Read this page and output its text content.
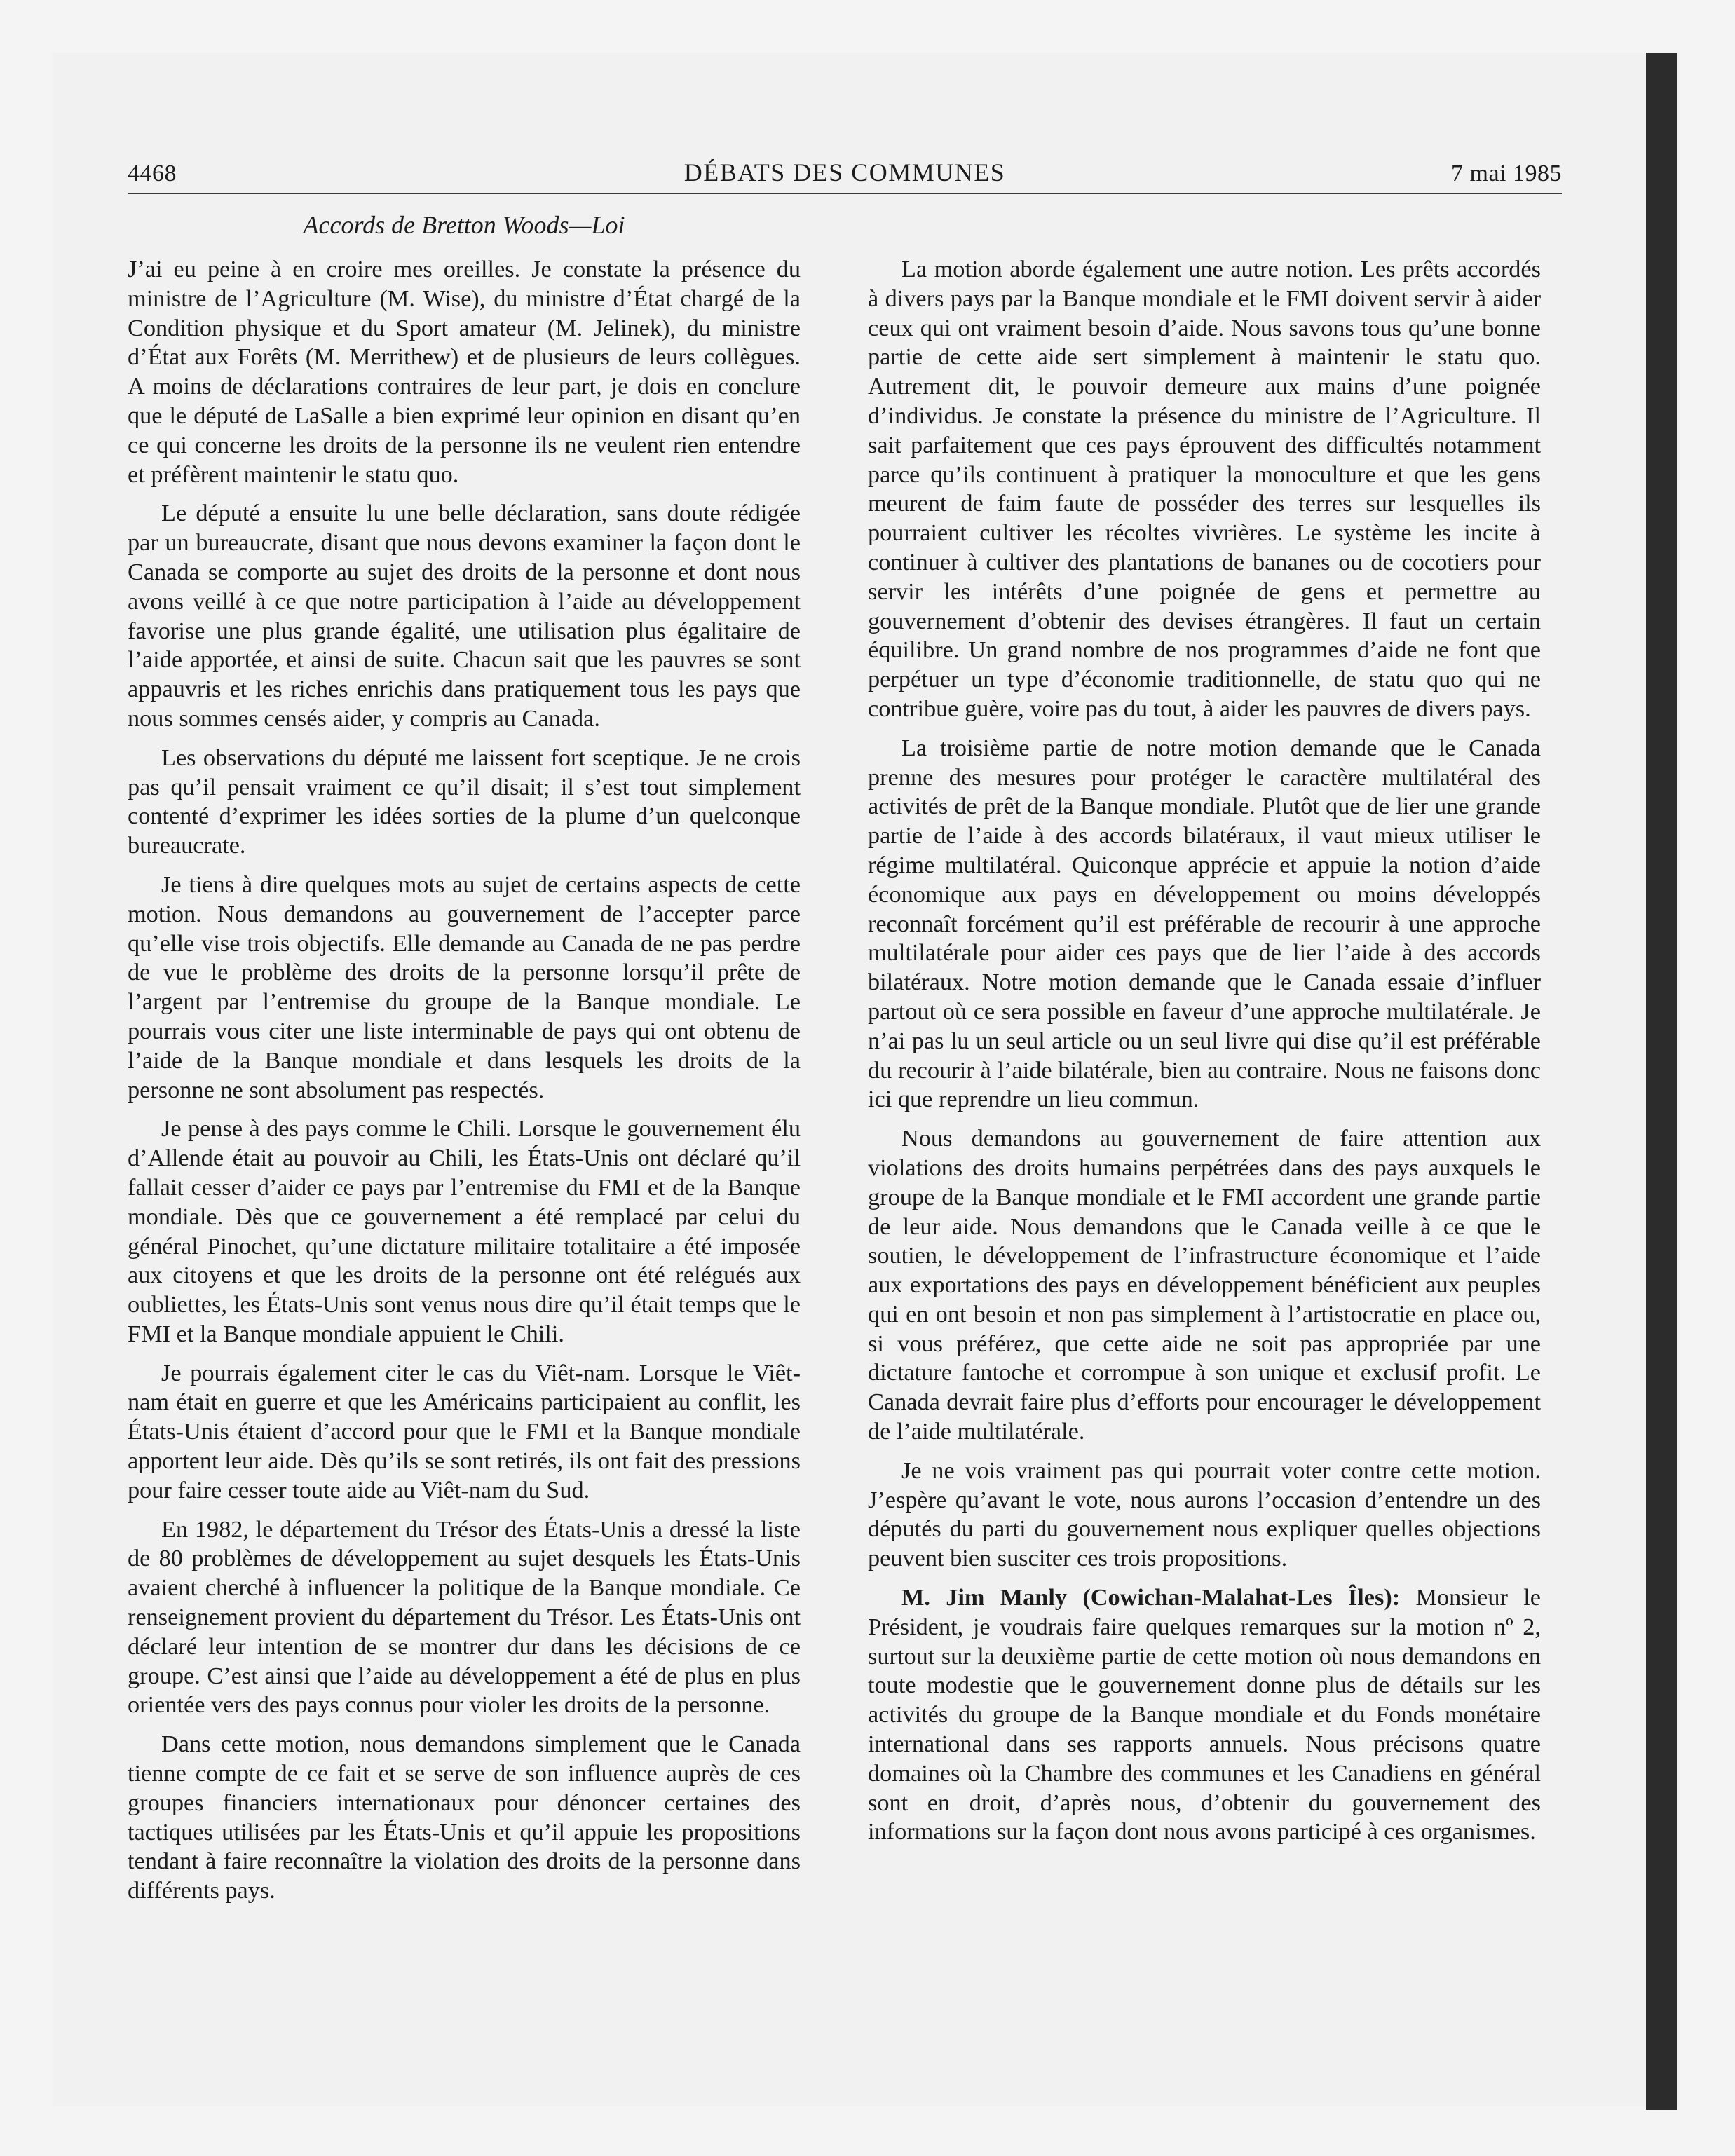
4468	DÉBATS DES COMMUNES	7 mai 1985
Accords de Bretton Woods—Loi

J’ai eu peine à en croire mes oreilles. Je constate la présence du ministre de l’Agriculture (M. Wise), du ministre d’État chargé de la Condition physique et du Sport amateur (M. Jelinek), du ministre d’État aux Forêts (M. Merrithew) et de plusieurs de leurs collègues. A moins de déclarations contraires de leur part, je dois en conclure que le député de LaSalle a bien exprimé leur opinion en disant qu’en ce qui concerne les droits de la personne ils ne veulent rien entendre et préfèrent maintenir le statu quo.

Le député a ensuite lu une belle déclaration, sans doute rédigée par un bureaucrate, disant que nous devons examiner la façon dont le Canada se comporte au sujet des droits de la personne et dont nous avons veillé à ce que notre participation à l’aide au développement favorise une plus grande égalité, une utilisation plus égalitaire de l’aide apportée, et ainsi de suite. Chacun sait que les pauvres se sont appauvris et les riches enrichis dans pratiquement tous les pays que nous sommes censés aider, y compris au Canada.

Les observations du député me laissent fort sceptique. Je ne crois pas qu’il pensait vraiment ce qu’il disait; il s’est tout simplement contenté d’exprimer les idées sorties de la plume d’un quelconque bureaucrate.

Je tiens à dire quelques mots au sujet de certains aspects de cette motion. Nous demandons au gouvernement de l’accepter parce qu’elle vise trois objectifs. Elle demande au Canada de ne pas perdre de vue le problème des droits de la personne lorsqu’il prête de l’argent par l’entremise du groupe de la Banque mondiale. Le pourrais vous citer une liste interminable de pays qui ont obtenu de l’aide de la Banque mondiale et dans lesquels les droits de la personne ne sont absolument pas respectés.

Je pense à des pays comme le Chili. Lorsque le gouvernement élu d’Allende était au pouvoir au Chili, les États-Unis ont déclaré qu’il fallait cesser d’aider ce pays par l’entremise du FMI et de la Banque mondiale. Dès que ce gouvernement a été remplacé par celui du général Pinochet, qu’une dictature militaire totalitaire a été imposée aux citoyens et que les droits de la personne ont été relégués aux oubliettes, les États-Unis sont venus nous dire qu’il était temps que le FMI et la Banque mondiale appuient le Chili.

Je pourrais également citer le cas du Viêt-nam. Lorsque le Viêt-nam était en guerre et que les Américains participaient au conflit, les États-Unis étaient d’accord pour que le FMI et la Banque mondiale apportent leur aide. Dès qu’ils se sont retirés, ils ont fait des pressions pour faire cesser toute aide au Viêt-nam du Sud.

En 1982, le département du Trésor des États-Unis a dressé la liste de 80 problèmes de développement au sujet desquels les États-Unis avaient cherché à influencer la politique de la Banque mondiale. Ce renseignement provient du département du Trésor. Les États-Unis ont déclaré leur intention de se montrer dur dans les décisions de ce groupe. C’est ainsi que l’aide au développement a été de plus en plus orientée vers des pays connus pour violer les droits de la personne.

Dans cette motion, nous demandons simplement que le Canada tienne compte de ce fait et se serve de son influence auprès de ces groupes financiers internationaux pour dénoncer certaines des tactiques utilisées par les États-Unis et qu’il appuie les propositions tendant à faire reconnaître la violation des droits de la personne dans différents pays.

La motion aborde également une autre notion. Les prêts accordés à divers pays par la Banque mondiale et le FMI doivent servir à aider ceux qui ont vraiment besoin d’aide. Nous savons tous qu’une bonne partie de cette aide sert simplement à maintenir le statu quo. Autrement dit, le pouvoir demeure aux mains d’une poignée d’individus. Je constate la présence du ministre de l’Agriculture. Il sait parfaitement que ces pays éprouvent des difficultés notamment parce qu’ils continuent à pratiquer la monoculture et que les gens meurent de faim faute de posséder des terres sur lesquelles ils pourraient cultiver les récoltes vivrières. Le système les incite à continuer à cultiver des plantations de bananes ou de cocotiers pour servir les intérêts d’une poignée de gens et permettre au gouvernement d’obtenir des devises étrangères. Il faut un certain équilibre. Un grand nombre de nos programmes d’aide ne font que perpétuer un type d’économie traditionnelle, de statu quo qui ne contribue guère, voire pas du tout, à aider les pauvres de divers pays.

La troisième partie de notre motion demande que le Canada prenne des mesures pour protéger le caractère multilatéral des activités de prêt de la Banque mondiale. Plutôt que de lier une grande partie de l’aide à des accords bilatéraux, il vaut mieux utiliser le régime multilatéral. Quiconque apprécie et appuie la notion d’aide économique aux pays en développement ou moins développés reconnaît forcément qu’il est préférable de recourir à une approche multilatérale pour aider ces pays que de lier l’aide à des accords bilatéraux. Notre motion demande que le Canada essaie d’influer partout où ce sera possible en faveur d’une approche multilatérale. Je n’ai pas lu un seul article ou un seul livre qui dise qu’il est préférable du recourir à l’aide bilatérale, bien au contraire. Nous ne faisons donc ici que reprendre un lieu commun.

Nous demandons au gouvernement de faire attention aux violations des droits humains perpétrées dans des pays auxquels le groupe de la Banque mondiale et le FMI accordent une grande partie de leur aide. Nous demandons que le Canada veille à ce que le soutien, le développement de l’infrastructure économique et l’aide aux exportations des pays en développement bénéficient aux peuples qui en ont besoin et non pas simplement à l’artistocratie en place ou, si vous préférez, que cette aide ne soit pas appropriée par une dictature fantoche et corrompue à son unique et exclusif profit. Le Canada devrait faire plus d’efforts pour encourager le développement de l’aide multilatérale.

Je ne vois vraiment pas qui pourrait voter contre cette motion. J’espère qu’avant le vote, nous aurons l’occasion d’entendre un des députés du parti du gouvernement nous expliquer quelles objections peuvent bien susciter ces trois propositions.

M. Jim Manly (Cowichan-Malahat-Les Îles): Monsieur le Président, je voudrais faire quelques remarques sur la motion nº 2, surtout sur la deuxième partie de cette motion où nous demandons en toute modestie que le gouvernement donne plus de détails sur les activités du groupe de la Banque mondiale et du Fonds monétaire international dans ses rapports annuels. Nous précisons quatre domaines où la Chambre des communes et les Canadiens en général sont en droit, d’après nous, d’obtenir du gouvernement des informations sur la façon dont nous avons participé à ces organismes.
